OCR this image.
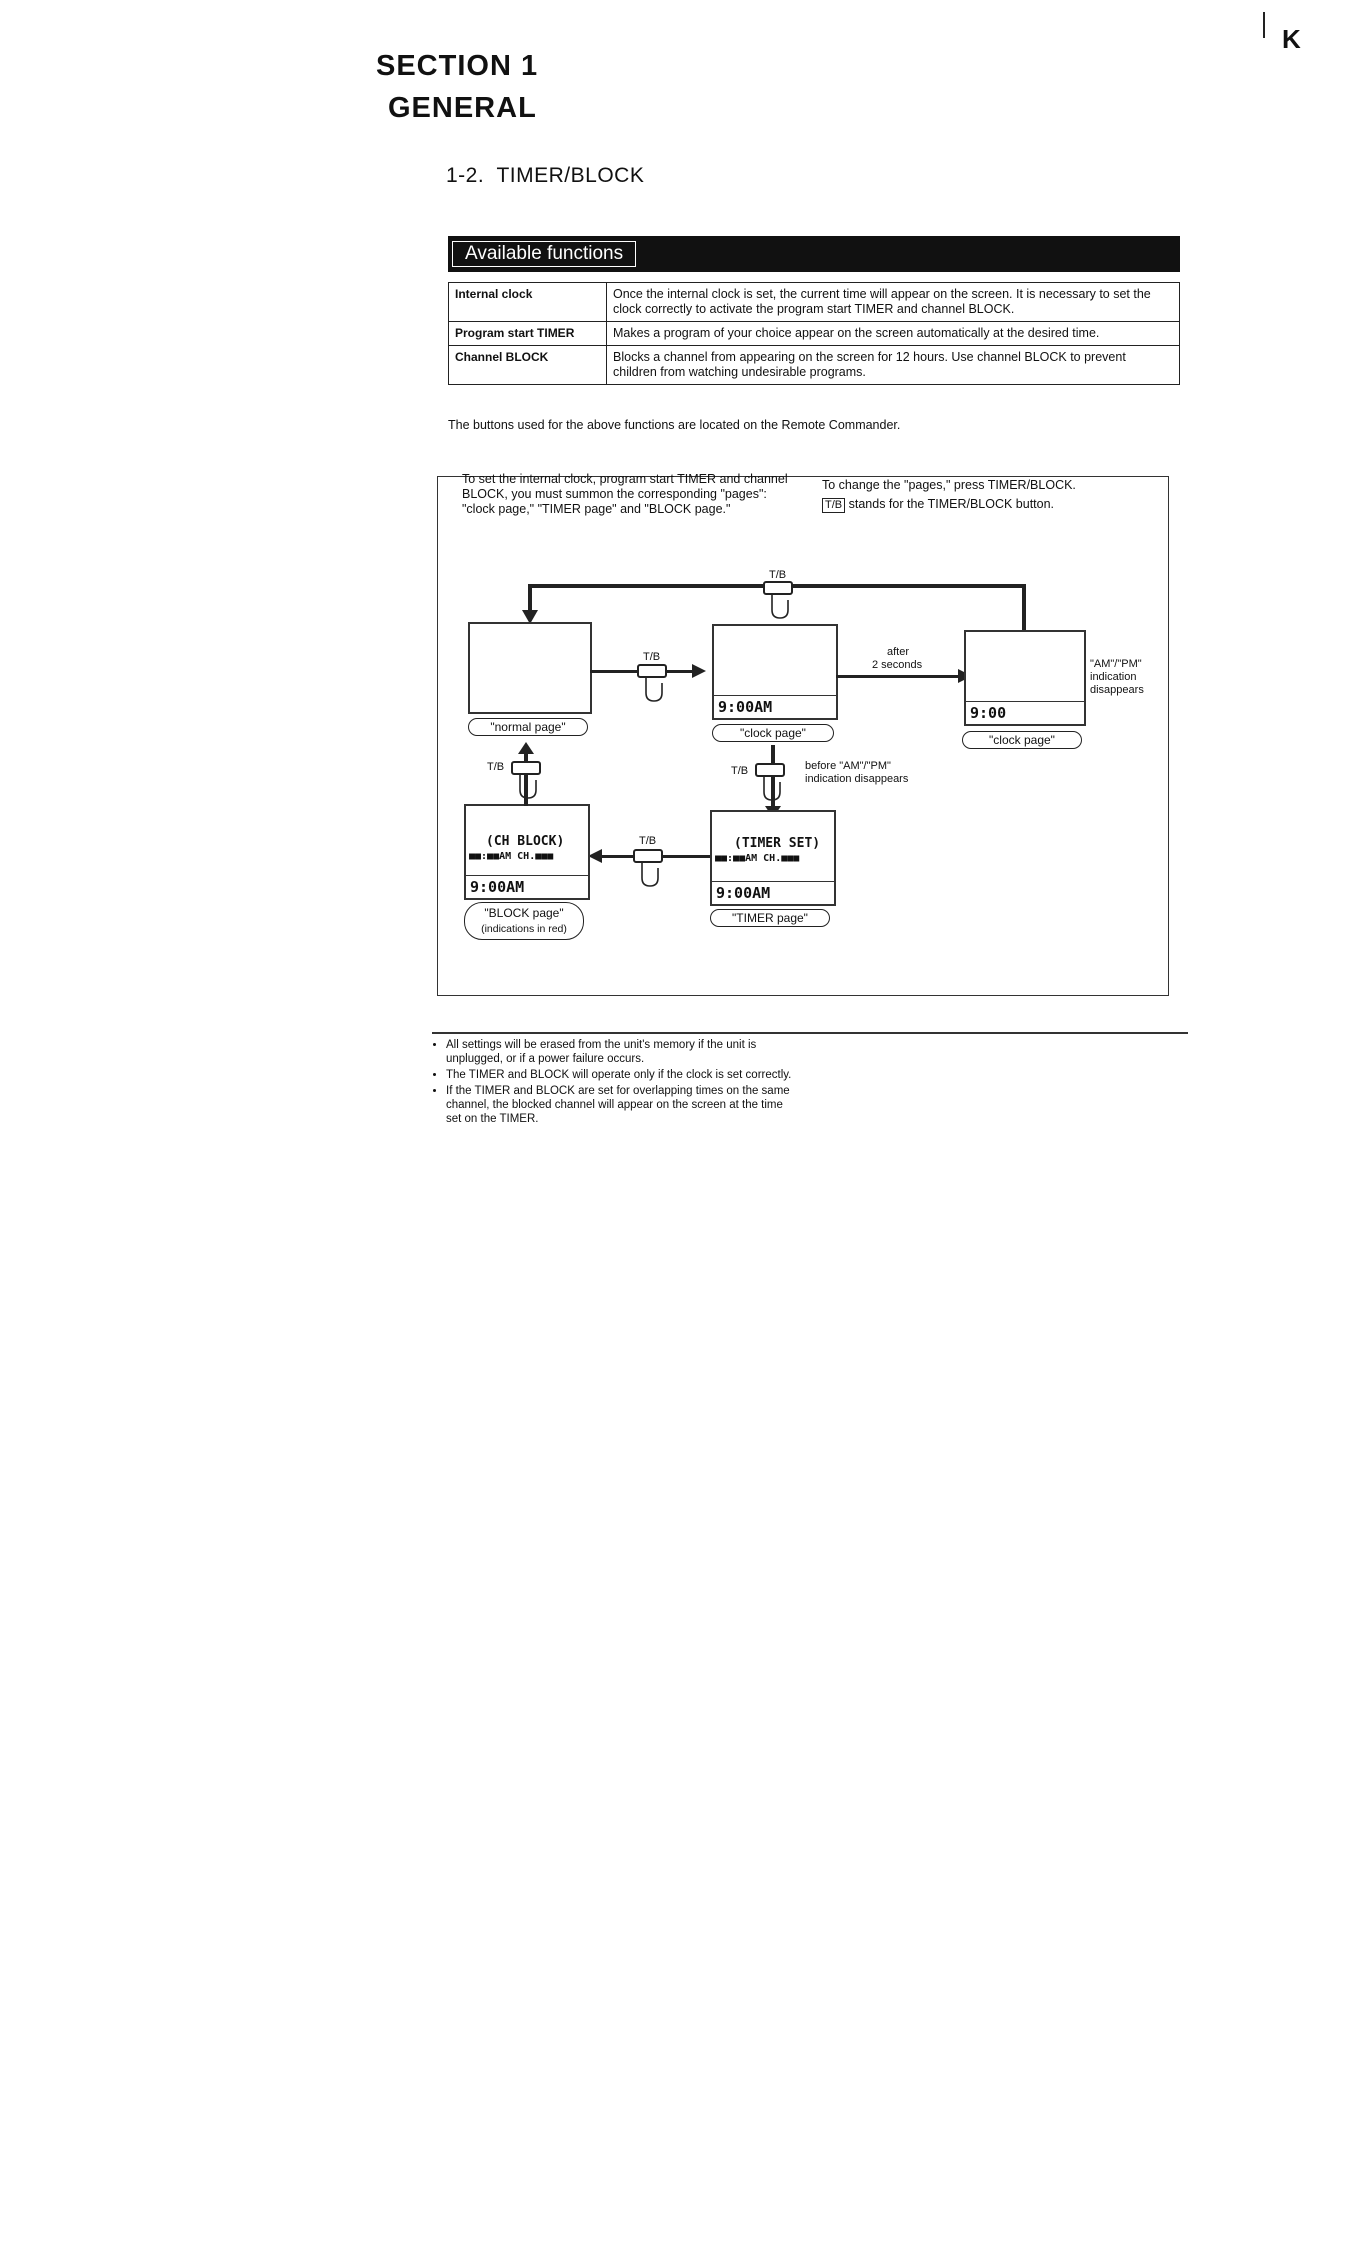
K
SECTION 1
GENERAL
1-2.  TIMER/BLOCK
Available functions
Internal clock	Once the internal clock is set, the current time will appear on the screen. It is necessary to set the clock correctly to activate the program start TIMER and channel BLOCK.
Program start TIMER	Makes a program of your choice appear on the screen automatically at the desired time.
Channel BLOCK	Blocks a channel from appearing on the screen for 12 hours. Use channel BLOCK to prevent children from watching undesirable programs.
The buttons used for the above functions are located on the Remote Commander.
To set the internal clock, program start TIMER and channel BLOCK, you must summon the corresponding "pages": "clock page," "TIMER page" and "BLOCK page."
To change the "pages," press TIMER/BLOCK.
T/B stands for the TIMER/BLOCK button.
T/B
"normal page"
T/B
9:00AM
"clock page"
after
2 seconds
9:00
"clock page"
"AM"/"PM"
indication
disappears
T/B	before "AM"/"PM"
indication disappears
(TIMER SET)
■■:■■AM CH.■■■
9:00AM
"TIMER page"
T/B
(CH BLOCK)
■■:■■AM CH.■■■
9:00AM
"BLOCK page"
(indications in red)
T/B
• All settings will be erased from the unit's memory if the unit is unplugged, or if a power failure occurs.
• The TIMER and BLOCK will operate only if the clock is set correctly.
• If the TIMER and BLOCK are set for overlapping times on the same channel, the blocked channel will appear on the screen at the time set on the TIMER.
